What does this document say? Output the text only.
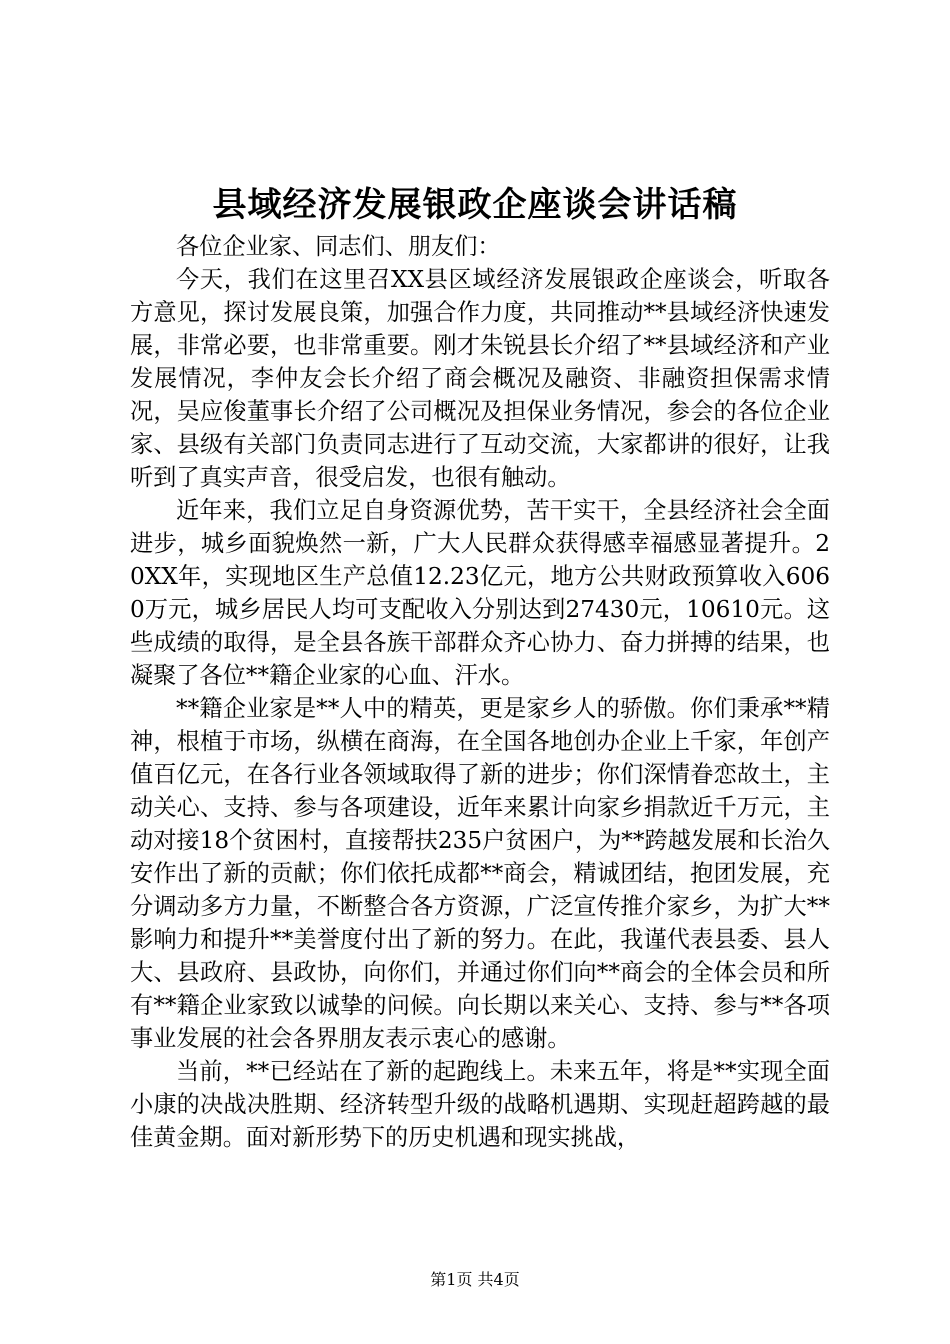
县域经济发展银政企座谈会讲话稿

各位企业家、同志们、朋友们：

今天，我们在这里召XX县区域经济发展银政企座谈会，听取各方意见，探讨发展良策，加强合作力度，共同推动**县域经济快速发展，非常必要，也非常重要。刚才朱锐县长介绍了**县域经济和产业发展情况，李仲友会长介绍了商会概况及融资、非融资担保需求情况，吴应俊董事长介绍了公司概况及担保业务情况，参会的各位企业家、县级有关部门负责同志进行了互动交流，大家都讲的很好，让我听到了真实声音，很受启发，也很有触动。

近年来，我们立足自身资源优势，苦干实干，全县经济社会全面进步，城乡面貌焕然一新，广大人民群众获得感幸福感显著提升。20XX年，实现地区生产总值12.23亿元，地方公共财政预算收入6060万元，城乡居民人均可支配收入分别达到27430元，10610元。这些成绩的取得，是全县各族干部群众齐心协力、奋力拼搏的结果，也凝聚了各位**籍企业家的心血、汗水。

**籍企业家是**人中的精英，更是家乡人的骄傲。你们秉承**精神，根植于市场，纵横在商海，在全国各地创办企业上千家，年创产值百亿元，在各行业各领域取得了新的进步；你们深情眷恋故土，主动关心、支持、参与各项建设，近年来累计向家乡捐款近千万元，主动对接18个贫困村，直接帮扶235户贫困户，为**跨越发展和长治久安作出了新的贡献；你们依托成都**商会，精诚团结，抱团发展，充分调动多方力量，不断整合各方资源，广泛宣传推介家乡，为扩大**影响力和提升**美誉度付出了新的努力。在此，我谨代表县委、县人大、县政府、县政协，向你们，并通过你们向**商会的全体会员和所有**籍企业家致以诚挚的问候。向长期以来关心、支持、参与**各项事业发展的社会各界朋友表示衷心的感谢。

当前，**已经站在了新的起跑线上。未来五年，将是**实现全面小康的决战决胜期、经济转型升级的战略机遇期、实现赶超跨越的最佳黄金期。面对新形势下的历史机遇和现实挑战，

第1页 共4页
